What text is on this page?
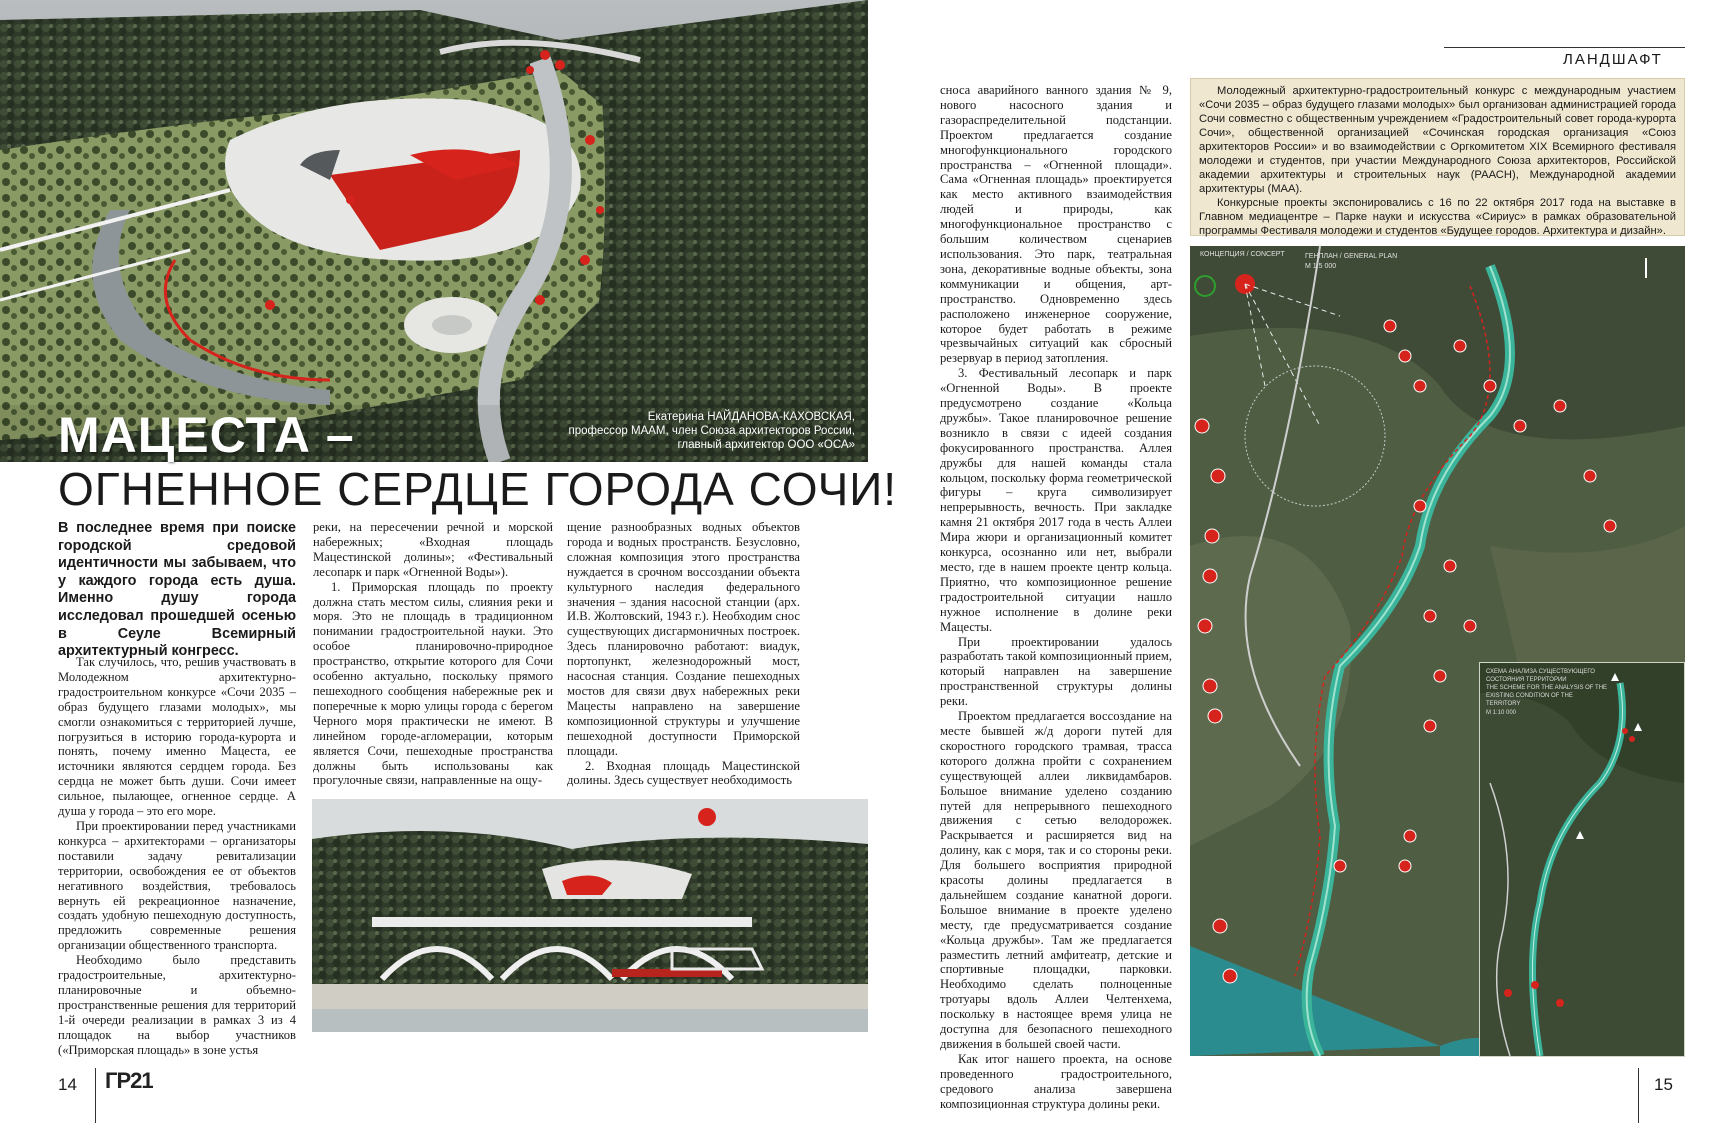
Екатерина НАЙДАНОВА-КАХОВСКАЯ,
профессор МААМ, член Союза архитекторов России,
главный архитектор ООО «ОСА»
МАЦЕСТА –
ОГНЕННОЕ СЕРДЦЕ ГОРОДА СОЧИ!
В последнее время при поиске городской средовой идентичности мы забываем, что у каждого города есть душа. Именно душу города исследовал прошедшей осенью в Сеуле Всемирный архитектурный конгресс.

Так случилось, что, решив участвовать в Молодежном архитектурно-градостроительном конкурсе «Сочи 2035 – образ будущего глазами молодых», мы смогли ознакомиться с территорией лучше, погрузиться в историю города-курорта и понять, почему именно Мацеста, ее источники являются сердцем города. Без сердца не может быть души. Сочи имеет сильное, пылающее, огненное сердце. А душа у города – это его море.

При проектировании перед участниками конкурса – архитекторами – организаторы поставили задачу ревитализации территории, освобождения ее от объектов негативного воздействия, требовалось вернуть ей рекреационное назначение, создать удобную пешеходную доступность, предложить современные решения организации общественного транспорта.

Необходимо было представить градостроительные, архитектурно-планировочные и объемно-пространственные решения для территорий 1-й очереди реализации в рамках 3 из 4 площадок на выбор участников («Приморская площадь» в зоне устья

реки, на пересечении речной и морской набережных; «Входная площадь Мацестинской долины»; «Фестивальный лесопарк и парк «Огненной Воды»).

1. Приморская площадь по проекту должна стать местом силы, слияния реки и моря. Это не площадь в традиционном понимании градостроительной науки. Это особое планировочно-природное пространство, открытие которого для Сочи особенно актуально, поскольку прямого пешеходного сообщения набережные рек и поперечные к морю улицы города с берегом Черного моря практически не имеют. В линейном городе-агломерации, которым является Сочи, пешеходные пространства должны быть использованы как прогулочные связи, направленные на ощу-

щение разнообразных водных объектов города и водных пространств. Безусловно, сложная композиция этого пространства нуждается в срочном воссоздании объекта культурного наследия федерального значения – здания насосной станции (арх. И.В. Жолтовский, 1943 г.). Необходим снос существующих дисгармоничных построек. Здесь планировочно работают: виадук, портопункт, железнодорожный мост, насосная станция. Создание пешеходных мостов для связи двух набережных реки Мацесты направлено на завершение композиционной структуры и улучшение пешеходной доступности Приморской площади.

2. Входная площадь Мацестинской долины. Здесь существует необходимость

сноса аварийного ванного здания № 9, нового насосного здания и газораспределительной подстанции. Проектом предлагается создание многофункционального городского пространства – «Огненной площади». Сама «Огненная площадь» проектируется как место активного взаимодействия людей и природы, как многофункциональное пространство с большим количеством сценариев использования. Это парк, театральная зона, декоративные водные объекты, зона коммуникации и общения, арт-пространство. Одновременно здесь расположено инженерное сооружение, которое будет работать в режиме чрезвычайных ситуаций как сбросный резервуар в период затопления.

3. Фестивальный лесопарк и парк «Огненной Воды». В проекте предусмотрено создание «Кольца дружбы». Такое планировочное решение возникло в связи с идеей создания фокусированного пространства. Аллея дружбы для нашей команды стала кольцом, поскольку форма геометрической фигуры – круга символизирует непрерывность, вечность. При закладке камня 21 октября 2017 года в честь Аллеи Мира жюри и организационный комитет конкурса, осознанно или нет, выбрали место, где в нашем проекте центр кольца. Приятно, что композиционное решение градостроительной ситуации нашло нужное исполнение в долине реки Мацесты.

При проектировании удалось разработать такой композиционный прием, который направлен на завершение пространственной структуры долины реки.

Проектом предлагается воссоздание на месте бывшей ж/д дороги путей для скоростного городского трамвая, трасса которого должна пройти с сохранением существующей аллеи ликвидамбаров. Большое внимание уделено созданию путей для непрерывного пешеходного движения с сетью велодорожек. Раскрывается и расширяется вид на долину, как с моря, так и со стороны реки. Для большего восприятия природной красоты долины предлагается в дальнейшем создание канатной дороги. Большое внимание в проекте уделено месту, где предусматривается создание «Кольца дружбы». Там же предлагается разместить летний амфитеатр, детские и спортивные площадки, парковки. Необходимо сделать полноценные тротуары вдоль Аллеи Челтенхема, поскольку в настоящее время улица не доступна для безопасного пешеходного движения в большей своей части.

Как итог нашего проекта, на основе проведенного градостроительного, средового анализа завершена композиционная структура долины реки.

ЛАНДШАФТ

Молодежный архитектурно-градостроительный конкурс с международным участием «Сочи 2035 – образ будущего глазами молодых» был организован администрацией города Сочи совместно с общественным учреждением «Градостроительный совет города-курорта Сочи», общественной организацией «Сочинская городская организация «Союз архитекторов России» и во взаимодействии с Оргкомитетом XIX Всемирного фестиваля молодежи и студентов, при участии Международного Союза архитекторов, Российской академии архитектуры и строительных наук (РААСН), Международной академии архитектуры (МАА).

Конкурсные проекты экспонировались с 16 по 22 октября 2017 года на выставке в Главном медиацентре – Парке науки и искусства «Сириус» в рамках образовательной программы Фестиваля молодежи и студентов «Будущее городов. Архитектура и дизайн».

КОНЦЕПЦИЯ / CONCEPT	ГЕНПЛАН / GENERAL PLAN
M 1:5 000
СХЕМА АНАЛИЗА СУЩЕСТВУЮЩЕГО
СОСТОЯНИЯ ТЕРРИТОРИИ
THE SCHEME FOR THE ANALYSIS OF THE
EXISTING CONDITION OF THE
TERRITORY
M 1:10 000
14 ГР21	15
